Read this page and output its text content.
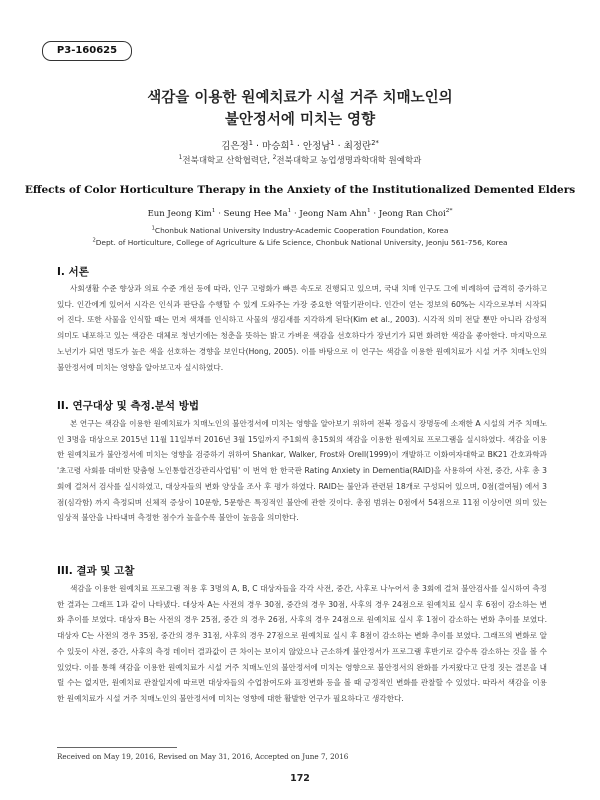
P3-160625
색감을 이용한 원예치료가 시설 거주 치매노인의
불안정서에 미치는 영향
김은정$^1$ · 마승희$^1$ · 안정남$^1$ · 최정란$^{2*}$
$^1$전북대학교 산학협력단, $^2$전북대학교 농업생명과학대학 원예학과
Effects of Color Horticulture Therapy in the Anxiety of the Institutionalized Demented Elders
Eun Jeong Kim$^1$ · Seung Hee $Ma^1$ · Jeong Nam Ahn$^1$ · Jeong Ran Choi$^{2*}$
$^1$Chonbuk National University Industry-Academic Cooperation Foundation, Korea
$^2$Dept. of Horticulture, College of Agriculture & Life Science, Chonbuk National University, Jeonju 561-756, Korea
I. 서론

사회생활 수준 향상과 의료 수준 개선 등에 따라, 인구 고령화가 빠른 속도로 진행되고 있으며, 국내 치매 인구도 그에 비례하여 급격히 증가하고 있다. 인간에게 있어서 시각은 인식과 판단을 수행할 수 있게 도와주는 가장 중요한 역할기관이다. 인간이 얻는 정보의 60%는 시각으로부터 시작되어 진다. 또한 사물을 인식할 때는 먼저 색채를 인식하고 사물의 생김새를 지각하게 된다(Kim et al., 2003). 시각적 의미 전달 뿐만 아니라 감성적 의미도 내포하고 있는 색감은 대체로 청년기에는 청춘을 뜻하는 밝고 가벼운 색감을 선호하다가 장년기가 되면 화려한 색감을 좋아한다. 마지막으로 노년기가 되면 명도가 높은 색을 선호하는 경향을 보인다(Hong, 2005). 이를 바탕으로 이 연구는 색감을 이용한 원예치료가 시설 거주 치매노인의 불안정서에 미치는 영향을 알아보고자 실시하였다.

II. 연구대상 및 측정.분석 방법

본 연구는 색감을 이용한 원예치료가 치매노인의 불안정서에 미치는 영향을 알아보기 위하여 전북 정읍시 장명동에 소재한 A 시설의 거주 치매노인 3명을 대상으로 2015년 11월 11일부터 2016년 3월 15일까지 주1회씩 총15회의 색감을 이용한 원예치료 프로그램을 실시하였다. 색감을 이용한 원예치료가 불안정서에 미치는 영향을 검증하기 위하여 Shankar, Walker, Frost와 Orell(1999)이 개발하고 이화여자대학교 BK21 간호과학과 '초고령 사회를 대비한 맞춤형 노인통합건강관리사업팀' 이 번역 한 한국판 Rating Anxiety in Dementia(RAID)을 사용하여 사전, 중간, 사후 총 3회에 걸쳐서 검사를 실시하였고, 대상자들의 변화 양상을 조사 후 평가 하였다. RAID는 불안과 관련된 18개로 구성되어 있으며, 0점(결여됨) 에서 3점(심각함) 까지 측정되며 신체적 증상이 10문항, 5문항은 특징적인 불안에 관한 것이다. 총점 범위는 0점에서 54점으로 11점 이상이면 의미 있는 임상적 불안을 나타내며 측정한 점수가 높을수록 불안이 높음을 의미한다.

III. 결과 및 고찰

색감을 이용한 원예치료 프로그램 적용 후 3명의 A, B, C 대상자들을 각각 사전, 중간, 사후로 나누어서 총 3회에 걸쳐 불안검사를 실시하여 측정한 결과는 그래프 1과 같이 나타냈다. 대상자 A는 사전의 경우 30점, 중간의 경우 30점, 사후의 경우 24점으로 원예치료 실시 후 6점이 감소하는 변화 추이를 보였다. 대상자 B는 사전의 경우 25점, 중간 의 경우 26점, 사후의 경우 24점으로 원예치료 실시 후 1점이 감소하는 변화 추이를 보였다. 대상자 C는 사전의 경우 35점, 중간의 경우 31점, 사후의 경우 27점으로 원예치료 실시 후 8점이 감소하는 변화 추이를 보였다. 그래프의 변화로 알 수 있듯이 사전, 중간, 사후의 측정 데이터 결과값이 큰 차이는 보이지 않았으나 근소하게 불안정서가 프로그램 후반기로 갈수록 감소하는 것을 볼 수 있었다. 이를 통해 색감을 이용한 원예치료가 시설 거주 치매노인의 불안정서에 미치는 영향으로 불안정서의 완화를 가져왔다고 단정 짓는 결론을 내릴 수는 없지만, 원예치료 관찰일지에 따르면 대상자들의 수업참여도와 표정변화 등을 볼 때 긍정적인 변화를 관찰할 수 있었다. 따라서 색감을 이용한 원예치료가 시설 거주 치매노인의 불안정서에 미치는 영향에 대한 활발한 연구가 필요하다고 생각한다.

Received on May 19, 2016, Revised on May 31, 2016, Accepted on June 7, 2016
172
